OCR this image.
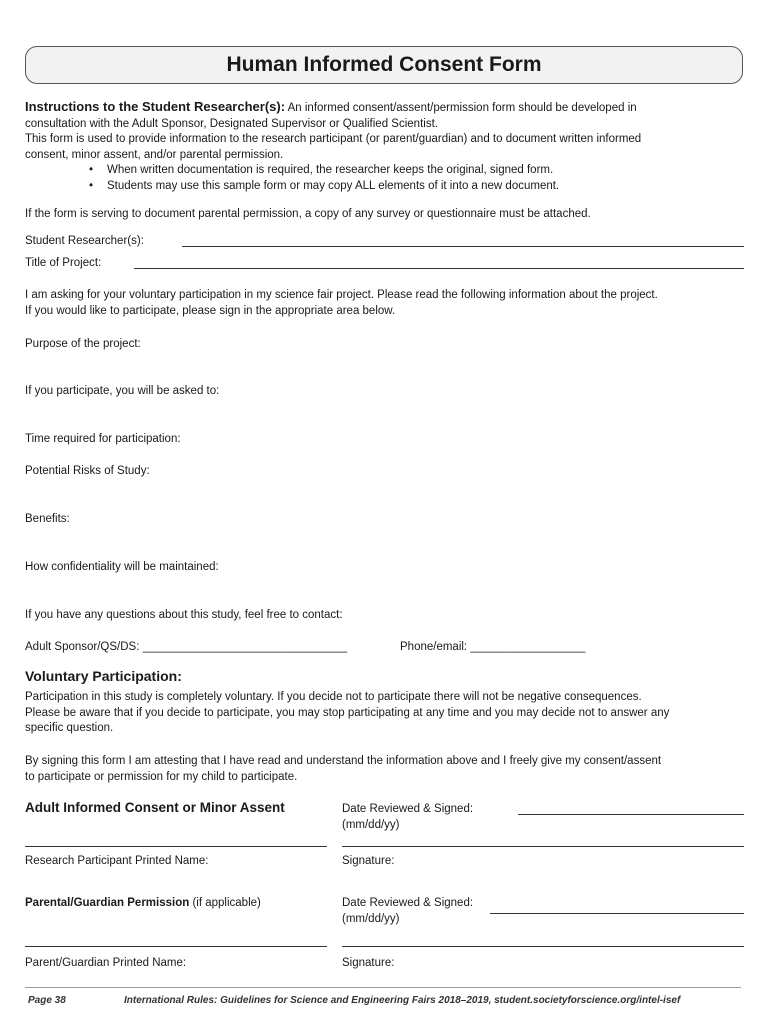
Human Informed Consent Form
Instructions to the Student Researcher(s): An informed consent/assent/permission form should be developed in
consultation with the Adult Sponsor, Designated Supervisor or Qualified Scientist.
This form is used to provide information to the research participant (or parent/guardian) and to document written informed
consent, minor assent, and/or parental permission.
• When written documentation is required, the researcher keeps the original, signed form.
• Students may use this sample form or may copy ALL elements of it into a new document.
If the form is serving to document parental permission, a copy of any survey or questionnaire must be attached.
Student Researcher(s):
Title of Project:
I am asking for your voluntary participation in my science fair project. Please read the following information about the project.
If you would like to participate, please sign in the appropriate area below.
Purpose of the project:
If you participate, you will be asked to:
Time required for participation:
Potential Risks of Study:
Benefits:
How confidentiality will be maintained:
If you have any questions about this study, feel free to contact:
Adult Sponsor/QS/DS: ________________________________	Phone/email: __________________
Voluntary Participation:
Participation in this study is completely voluntary. If you decide not to participate there will not be negative consequences.
Please be aware that if you decide to participate, you may stop participating at any time and you may decide not to answer any
specific question.
By signing this form I am attesting that I have read and understand the information above and I freely give my consent/assent
to participate or permission for my child to participate.
Adult Informed Consent or Minor Assent	Date Reviewed & Signed:
(mm/dd/yy)
Research Participant Printed Name:	Signature:
Parental/Guardian Permission (if applicable)	Date Reviewed & Signed:
(mm/dd/yy)
Parent/Guardian Printed Name:	Signature:
Page 38	International Rules: Guidelines for Science and Engineering Fairs 2018–2019, student.societyforscience.org/intel-isef
